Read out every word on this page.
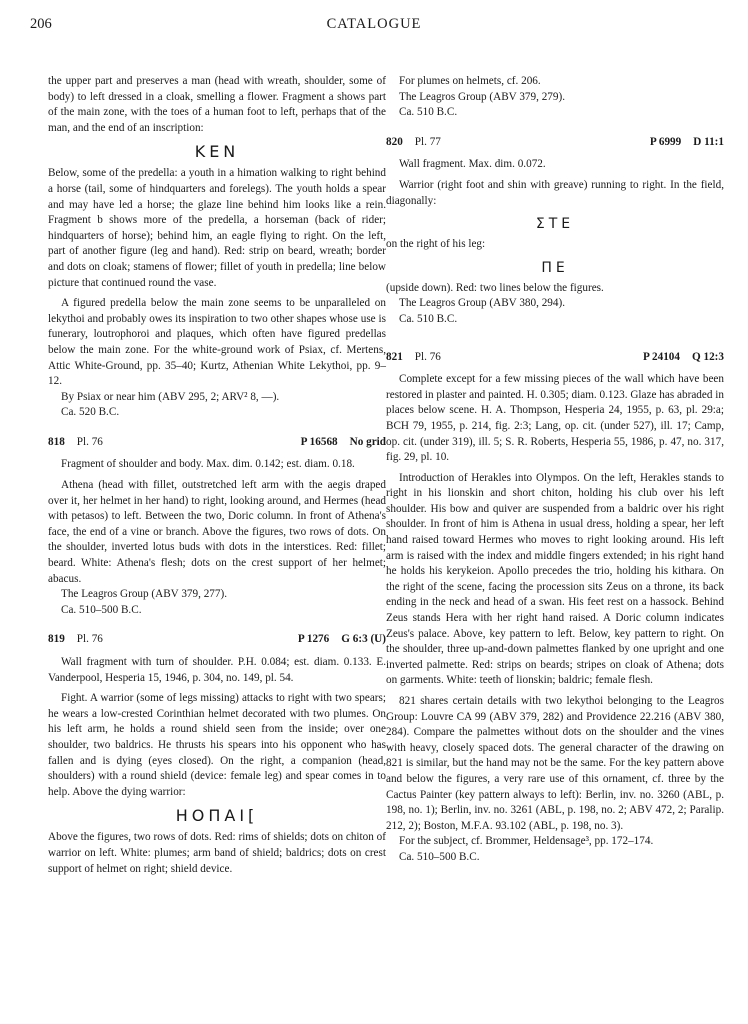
206	CATALOGUE

the upper part and preserves a man (head with wreath, shoulder, some of body) to left dressed in a cloak, smelling a flower. Fragment a shows part of the main zone, with the toes of a human foot to left, perhaps that of the man, and the end of an inscription:

ΚΕΝ

Below, some of the predella: a youth in a himation walking to right behind a horse (tail, some of hindquarters and forelegs). The youth holds a spear and may have led a horse; the glaze line behind him looks like a rein. Fragment b shows more of the predella, a horseman (back of rider; hindquarters of horse); behind him, an eagle flying to right. On the left, part of another figure (leg and hand). Red: strip on beard, wreath; border and dots on cloak; stamens of flower; fillet of youth in predella; line below picture that continued round the vase.

A figured predella below the main zone seems to be unparalleled on lekythoi and probably owes its inspiration to two other shapes whose use is funerary, loutrophoroi and plaques, which often have figured predellas below the main zone. For the white-ground work of Psiax, cf. Mertens, Attic White-Ground, pp. 35–40; Kurtz, Athenian White Lekythoi, pp. 9–12.

By Psiax or near him (ABV 295, 2; ARV² 8, —).

Ca. 520 B.C.

818 Pl. 76	P 16568 No grid

Fragment of shoulder and body. Max. dim. 0.142; est. diam. 0.18.

Athena (head with fillet, outstretched left arm with the aegis draped over it, her helmet in her hand) to right, looking around, and Hermes (head with petasos) to left. Between the two, Doric column. In front of Athena's face, the end of a vine or branch. Above the figures, two rows of dots. On the shoulder, inverted lotus buds with dots in the interstices. Red: fillet; beard. White: Athena's flesh; dots on the crest support of her helmet; abacus.

The Leagros Group (ABV 379, 277).

Ca. 510–500 B.C.

819 Pl. 76	P 1276 G 6:3 (U)

Wall fragment with turn of shoulder. P.H. 0.084; est. diam. 0.133. E. Vanderpool, Hesperia 15, 1946, p. 304, no. 149, pl. 54.

Fight. A warrior (some of legs missing) attacks to right with two spears; he wears a low-crested Corinthian helmet decorated with two plumes. On his left arm, he holds a round shield seen from the inside; over one shoulder, two baldrics. He thrusts his spears into his opponent who has fallen and is dying (eyes closed). On the right, a companion (head, shoulders) with a round shield (device: female leg) and spear comes in to help. Above the dying warrior:

ΗΟΠΑΙ[

Above the figures, two rows of dots. Red: rims of shields; dots on chiton of warrior on left. White: plumes; arm band of shield; baldrics; dots on crest support of helmet on right; shield device.

For plumes on helmets, cf. 206.

The Leagros Group (ABV 379, 279).

Ca. 510 B.C.

820 Pl. 77	P 6999 D 11:1

Wall fragment. Max. dim. 0.072.

Warrior (right foot and shin with greave) running to right. In the field, diagonally:

ΣΤΕ

on the right of his leg:

ΠΕ

(upside down). Red: two lines below the figures.

The Leagros Group (ABV 380, 294).

Ca. 510 B.C.

821 Pl. 76	P 24104 Q 12:3

Complete except for a few missing pieces of the wall which have been restored in plaster and painted. H. 0.305; diam. 0.123. Glaze has abraded in places below scene. H. A. Thompson, Hesperia 24, 1955, p. 63, pl. 29:a; BCH 79, 1955, p. 214, fig. 2:3; Lang, op. cit. (under 527), ill. 17; Camp, op. cit. (under 319), ill. 5; S. R. Roberts, Hesperia 55, 1986, p. 47, no. 317, fig. 29, pl. 10.

Introduction of Herakles into Olympos. On the left, Herakles stands to right in his lionskin and short chiton, holding his club over his left shoulder. His bow and quiver are suspended from a baldric over his right shoulder. In front of him is Athena in usual dress, holding a spear, her left hand raised toward Hermes who moves to right looking around. His left arm is raised with the index and middle fingers extended; in his right hand he holds his kerykeion. Apollo precedes the trio, holding his kithara. On the right of the scene, facing the procession sits Zeus on a throne, its back ending in the neck and head of a swan. His feet rest on a hassock. Behind Zeus stands Hera with her right hand raised. A Doric column indicates Zeus's palace. Above, key pattern to left. Below, key pattern to right. On the shoulder, three up-and-down palmettes flanked by one upright and one inverted palmette. Red: strips on beards; stripes on cloak of Athena; dots on garments. White: teeth of lionskin; baldric; female flesh.

821 shares certain details with two lekythoi belonging to the Leagros Group: Louvre CA 99 (ABV 379, 282) and Providence 22.216 (ABV 380, 284). Compare the palmettes without dots on the shoulder and the vines with heavy, closely spaced dots. The general character of the drawing on 821 is similar, but the hand may not be the same. For the key pattern above and below the figures, a very rare use of this ornament, cf. three by the Cactus Painter (key pattern always to left): Berlin, inv. no. 3260 (ABL, p. 198, no. 1); Berlin, inv. no. 3261 (ABL, p. 198, no. 2; ABV 472, 2; Paralip. 212, 2); Boston, M.F.A. 93.102 (ABL, p. 198, no. 3).

For the subject, cf. Brommer, Heldensage³, pp. 172–174.

Ca. 510–500 B.C.
